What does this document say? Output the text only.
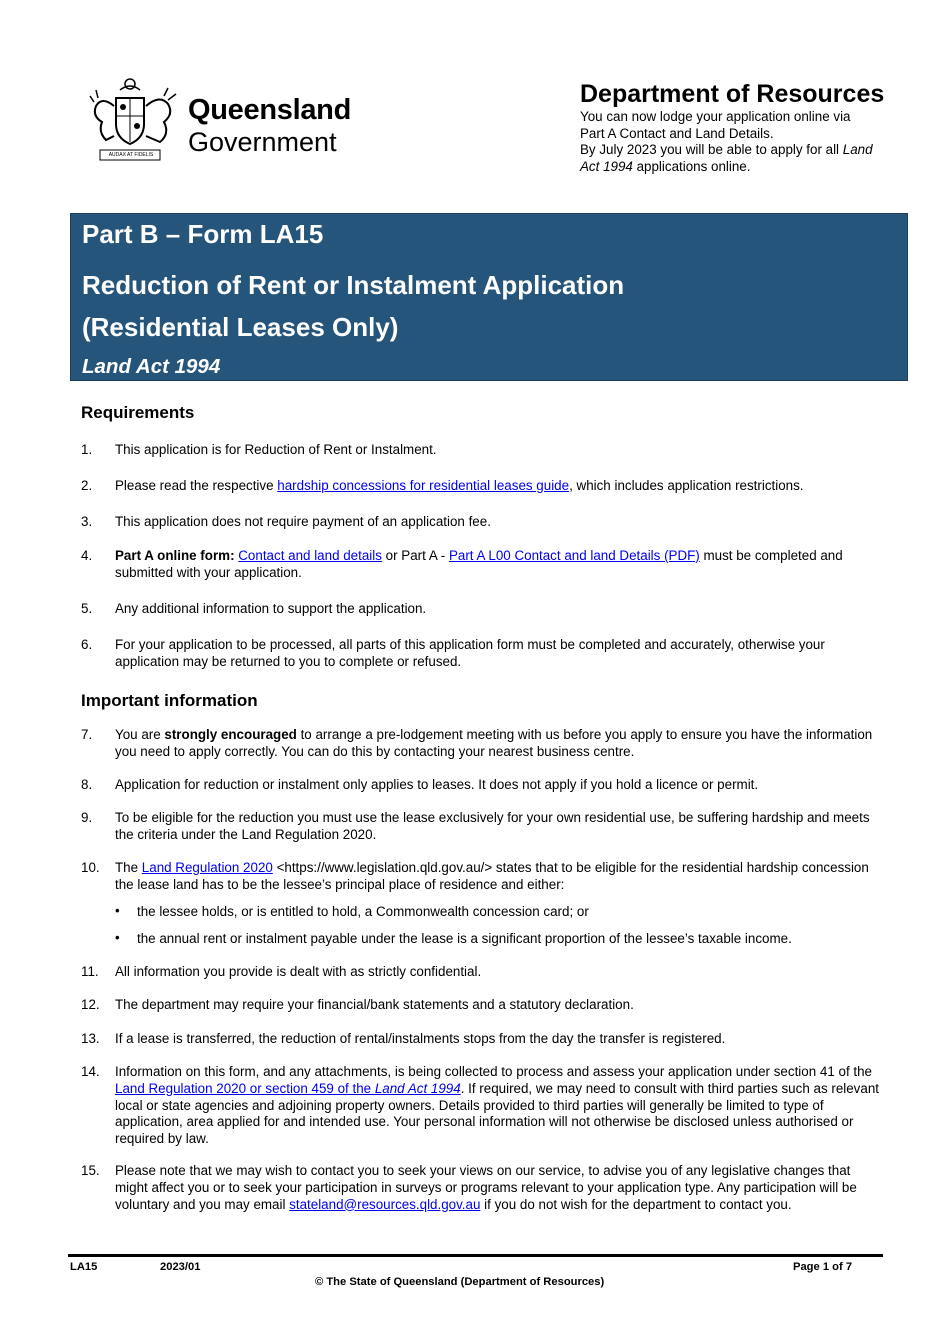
AUDAX AT FIDELIS
Queensland
Government
Department of Resources
You can now lodge your application online via
Part A Contact and Land Details.
By July 2023 you will be able to apply for all Land
Act 1994 applications online.
Part B – Form LA15
Reduction of Rent or Instalment Application
(Residential Leases Only)
Land Act 1994
Requirements
1. This application is for Reduction of Rent or Instalment.
2. Please read the respective hardship concessions for residential leases guide, which includes application restrictions.
3. This application does not require payment of an application fee.
4. Part A online form: Contact and land details or Part A - Part A L00 Contact and land Details (PDF) must be completed and submitted with your application.
5. Any additional information to support the application.
6. For your application to be processed, all parts of this application form must be completed and accurately, otherwise your application may be returned to you to complete or refused.
Important information
7. You are strongly encouraged to arrange a pre-lodgement meeting with us before you apply to ensure you have the information you need to apply correctly. You can do this by contacting your nearest business centre.
8. Application for reduction or instalment only applies to leases. It does not apply if you hold a licence or permit.
9. To be eligible for the reduction you must use the lease exclusively for your own residential use, be suffering hardship and meets the criteria under the Land Regulation 2020.
10. The Land Regulation 2020 <https://www.legislation.qld.gov.au/> states that to be eligible for the residential hardship concession the lease land has to be the lessee’s principal place of residence and either:
• the lessee holds, or is entitled to hold, a Commonwealth concession card; or
• the annual rent or instalment payable under the lease is a significant proportion of the lessee’s taxable income.
11. All information you provide is dealt with as strictly confidential.
12. The department may require your financial/bank statements and a statutory declaration.
13. If a lease is transferred, the reduction of rental/instalments stops from the day the transfer is registered.
14. Information on this form, and any attachments, is being collected to process and assess your application under section 41 of the Land Regulation 2020 or section 459 of the Land Act 1994. If required, we may need to consult with third parties such as relevant local or state agencies and adjoining property owners. Details provided to third parties will generally be limited to type of application, area applied for and intended use. Your personal information will not otherwise be disclosed unless authorised or required by law.
15. Please note that we may wish to contact you to seek your views on our service, to advise you of any legislative changes that might affect you or to seek your participation in surveys or programs relevant to your application type. Any participation will be voluntary and you may email stateland@resources.qld.gov.au if you do not wish for the department to contact you.
LA15	2023/01	Page 1 of 7
© The State of Queensland (Department of Resources)
